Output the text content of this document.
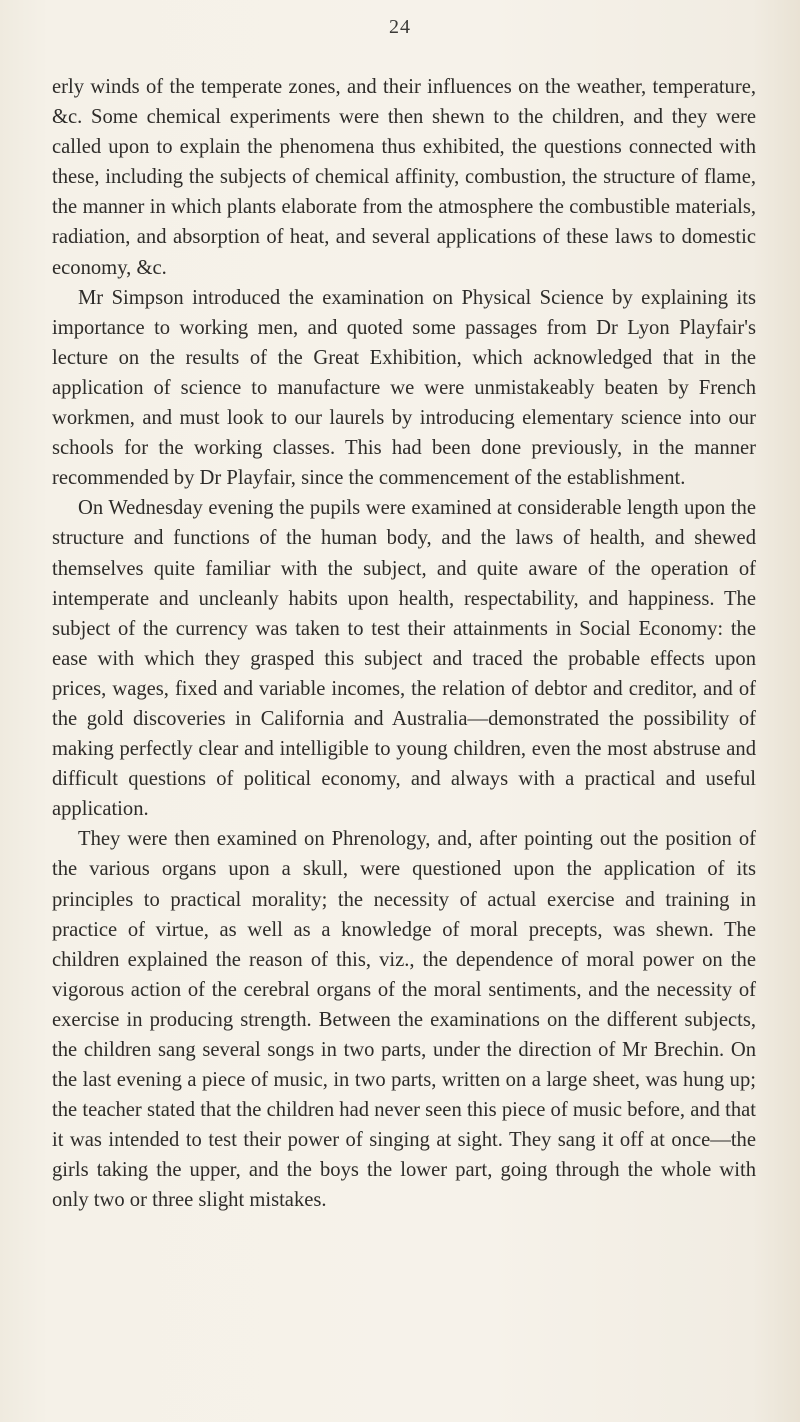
24

erly winds of the temperate zones, and their influences on the weather, temperature, &c. Some chemical experiments were then shewn to the children, and they were called upon to explain the phenomena thus exhibited, the questions connected with these, including the subjects of chemical affinity, combustion, the structure of flame, the manner in which plants elaborate from the atmosphere the combustible materials, radiation, and absorption of heat, and several applications of these laws to domestic economy, &c.

Mr Simpson introduced the examination on Physical Science by explaining its importance to working men, and quoted some passages from Dr Lyon Playfair's lecture on the results of the Great Exhibition, which acknowledged that in the application of science to manufacture we were unmistakeably beaten by French workmen, and must look to our laurels by introducing elementary science into our schools for the working classes. This had been done previously, in the manner recommended by Dr Playfair, since the commencement of the establishment.

On Wednesday evening the pupils were examined at considerable length upon the structure and functions of the human body, and the laws of health, and shewed themselves quite familiar with the subject, and quite aware of the operation of intemperate and uncleanly habits upon health, respectability, and happiness. The subject of the currency was taken to test their attainments in Social Economy: the ease with which they grasped this subject and traced the probable effects upon prices, wages, fixed and variable incomes, the relation of debtor and creditor, and of the gold discoveries in California and Australia—demonstrated the possibility of making perfectly clear and intelligible to young children, even the most abstruse and difficult questions of political economy, and always with a practical and useful application.

They were then examined on Phrenology, and, after pointing out the position of the various organs upon a skull, were questioned upon the application of its principles to practical morality; the necessity of actual exercise and training in practice of virtue, as well as a knowledge of moral precepts, was shewn. The children explained the reason of this, viz., the dependence of moral power on the vigorous action of the cerebral organs of the moral sentiments, and the necessity of exercise in producing strength. Between the examinations on the different subjects, the children sang several songs in two parts, under the direction of Mr Brechin. On the last evening a piece of music, in two parts, written on a large sheet, was hung up; the teacher stated that the children had never seen this piece of music before, and that it was intended to test their power of singing at sight. They sang it off at once—the girls taking the upper, and the boys the lower part, going through the whole with only two or three slight mistakes.
